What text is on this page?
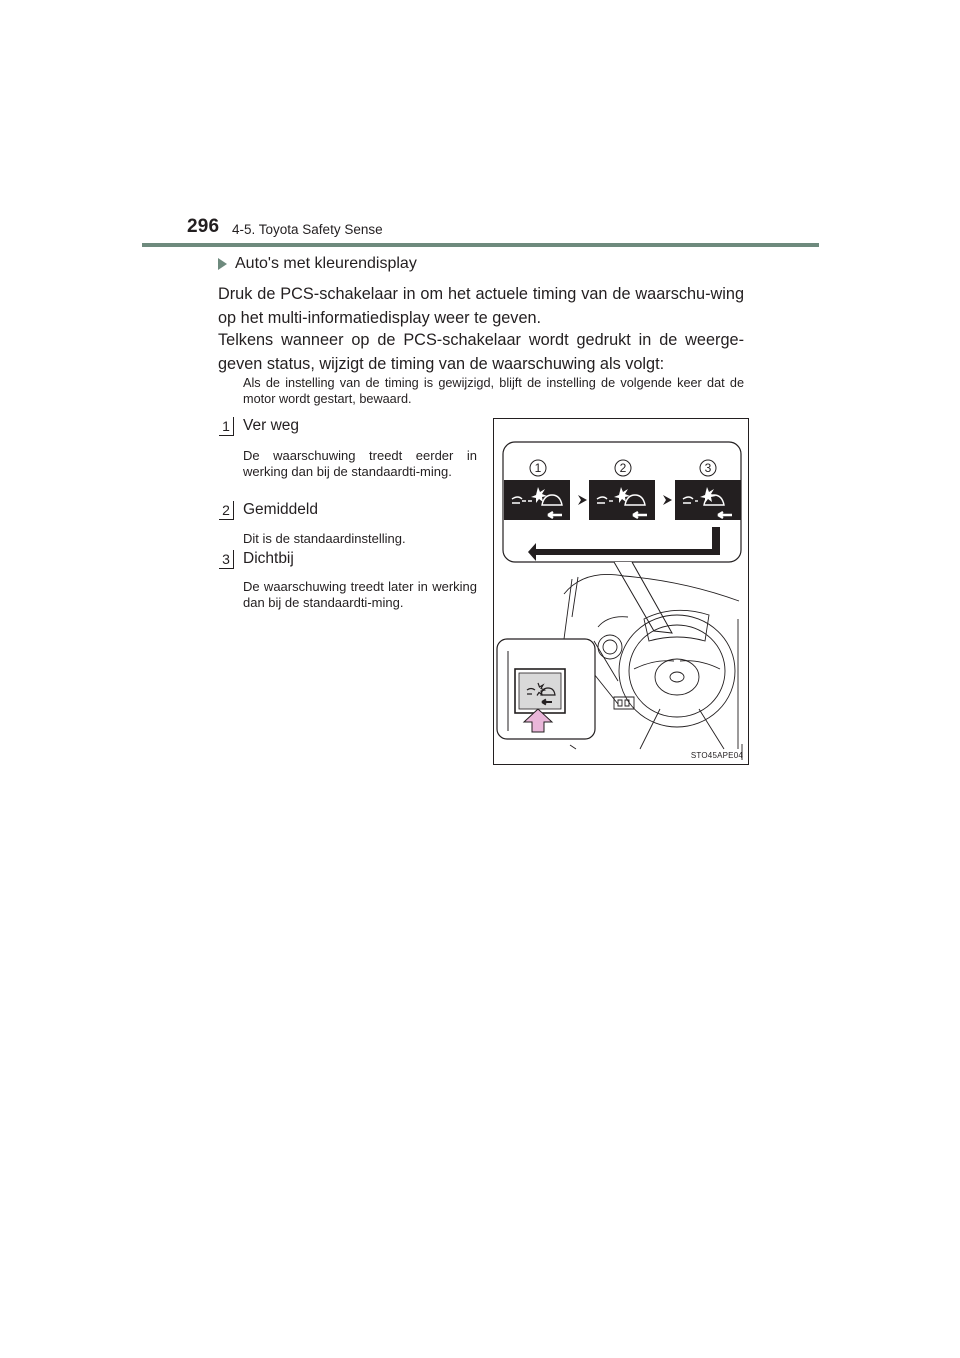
296 4-5. Toyota Safety Sense
Auto's met kleurendisplay
Druk de PCS-schakelaar in om het actuele timing van de waarschu-wing op het multi-informatiedisplay weer te geven.
Telkens wanneer op de PCS-schakelaar wordt gedrukt in de weerge-geven status, wijzigt de timing van de waarschuwing als volgt:
Als de instelling van de timing is gewijzigd, blijft de instelling de volgende keer dat de motor wordt gestart, bewaard.
1 Ver weg
De waarschuwing treedt eerder in werking dan bij de standaardti-ming.
2 Gemiddeld
Dit is de standaardinstelling.
3 Dichtbij
De waarschuwing treedt later in werking dan bij de standaardti-ming.
1	2	3
STO45APE04
